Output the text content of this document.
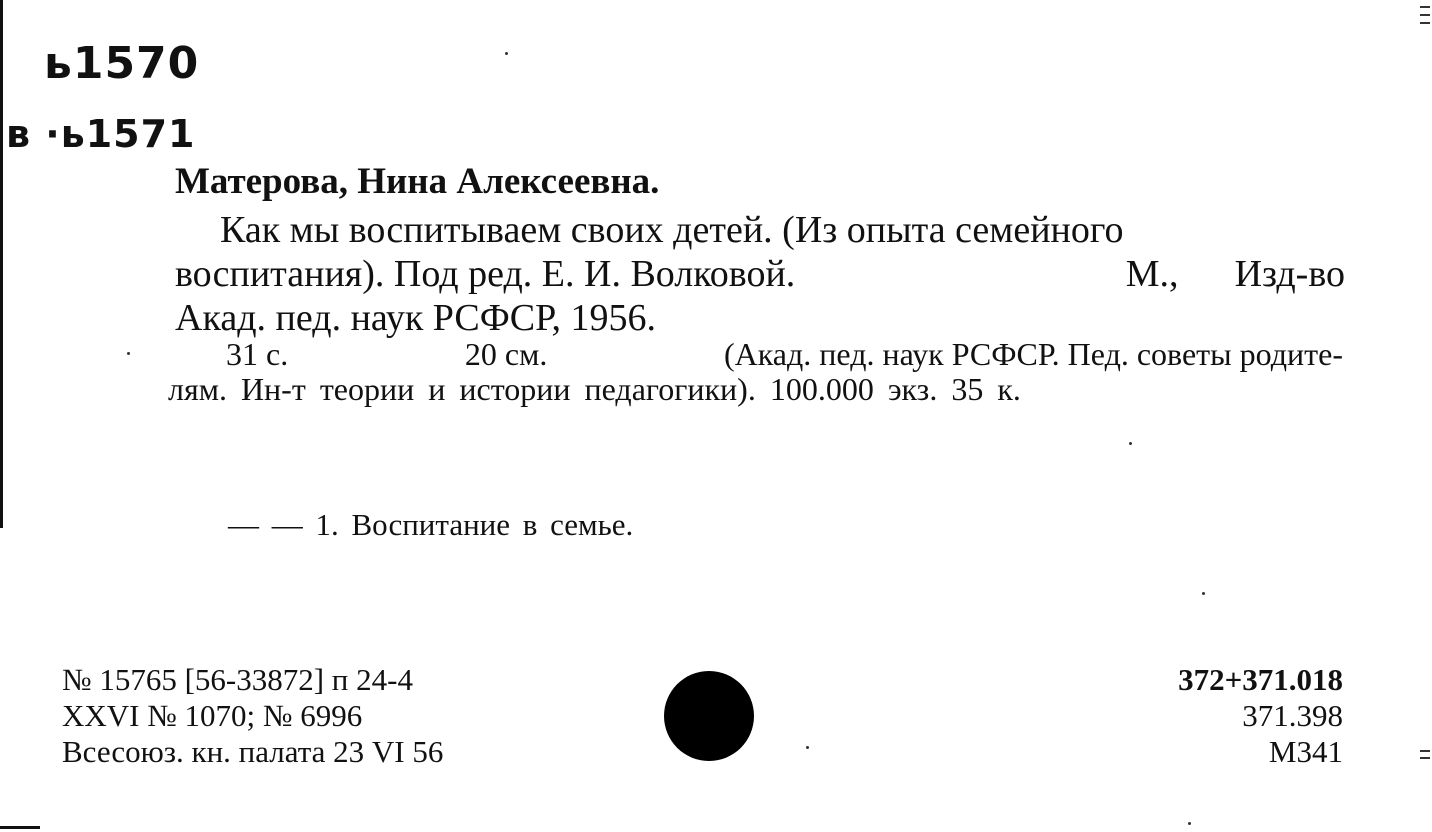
ь1570
в ·ь1571
Матерова, Нина Алексеевна.
Как мы воспитываем своих детей. (Из опыта семейного
воспитания). Под ред. Е. И. Волковой.	М., Изд-во
Акад. пед. наук РСФСР, 1956.
31 с.	20 см.	(Акад. пед. наук РСФСР. Пед. советы родите-
лям. Ин-т теории и истории педагогики). 100.000 экз. 35 к.
— — 1. Воспитание в семье.
№ 15765 [56-33872] п 24-4
XXVI № 1070; № 6996
Всесоюз. кн. палата 23 VI 56
372+371.018
371.398
М341
